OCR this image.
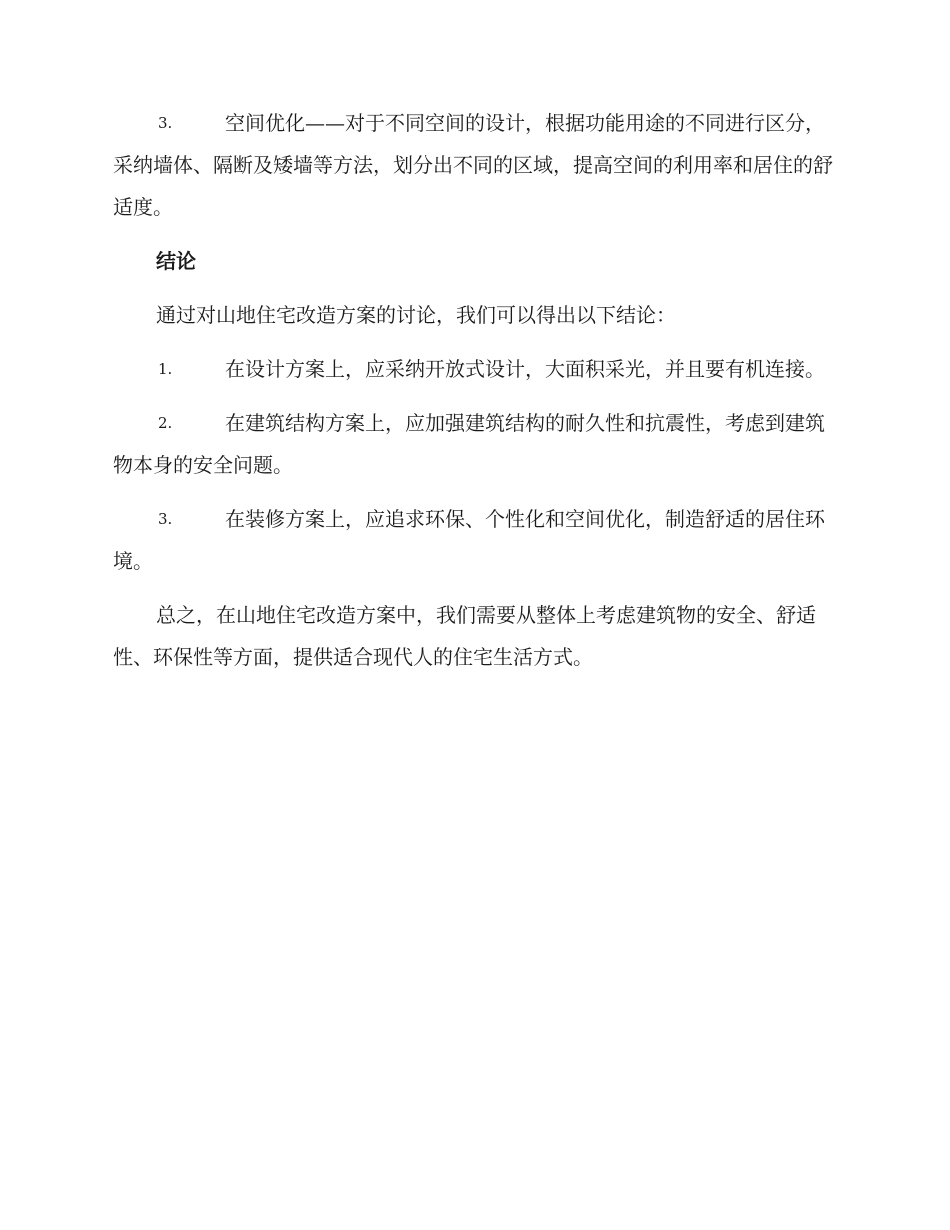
3.	空间优化——对于不同空间的设计，根据功能用途的不同进行区分，采纳墙体、隔断及矮墙等方法，划分出不同的区域，提高空间的利用率和居住的舒适度。
结论
通过对山地住宅改造方案的讨论，我们可以得出以下结论：
1.	在设计方案上，应采纳开放式设计，大面积采光，并且要有机连接。
2.	在建筑结构方案上，应加强建筑结构的耐久性和抗震性，考虑到建筑物本身的安全问题。
3.	在装修方案上，应追求环保、个性化和空间优化，制造舒适的居住环境。
总之，在山地住宅改造方案中，我们需要从整体上考虑建筑物的安全、舒适性、环保性等方面，提供适合现代人的住宅生活方式。
